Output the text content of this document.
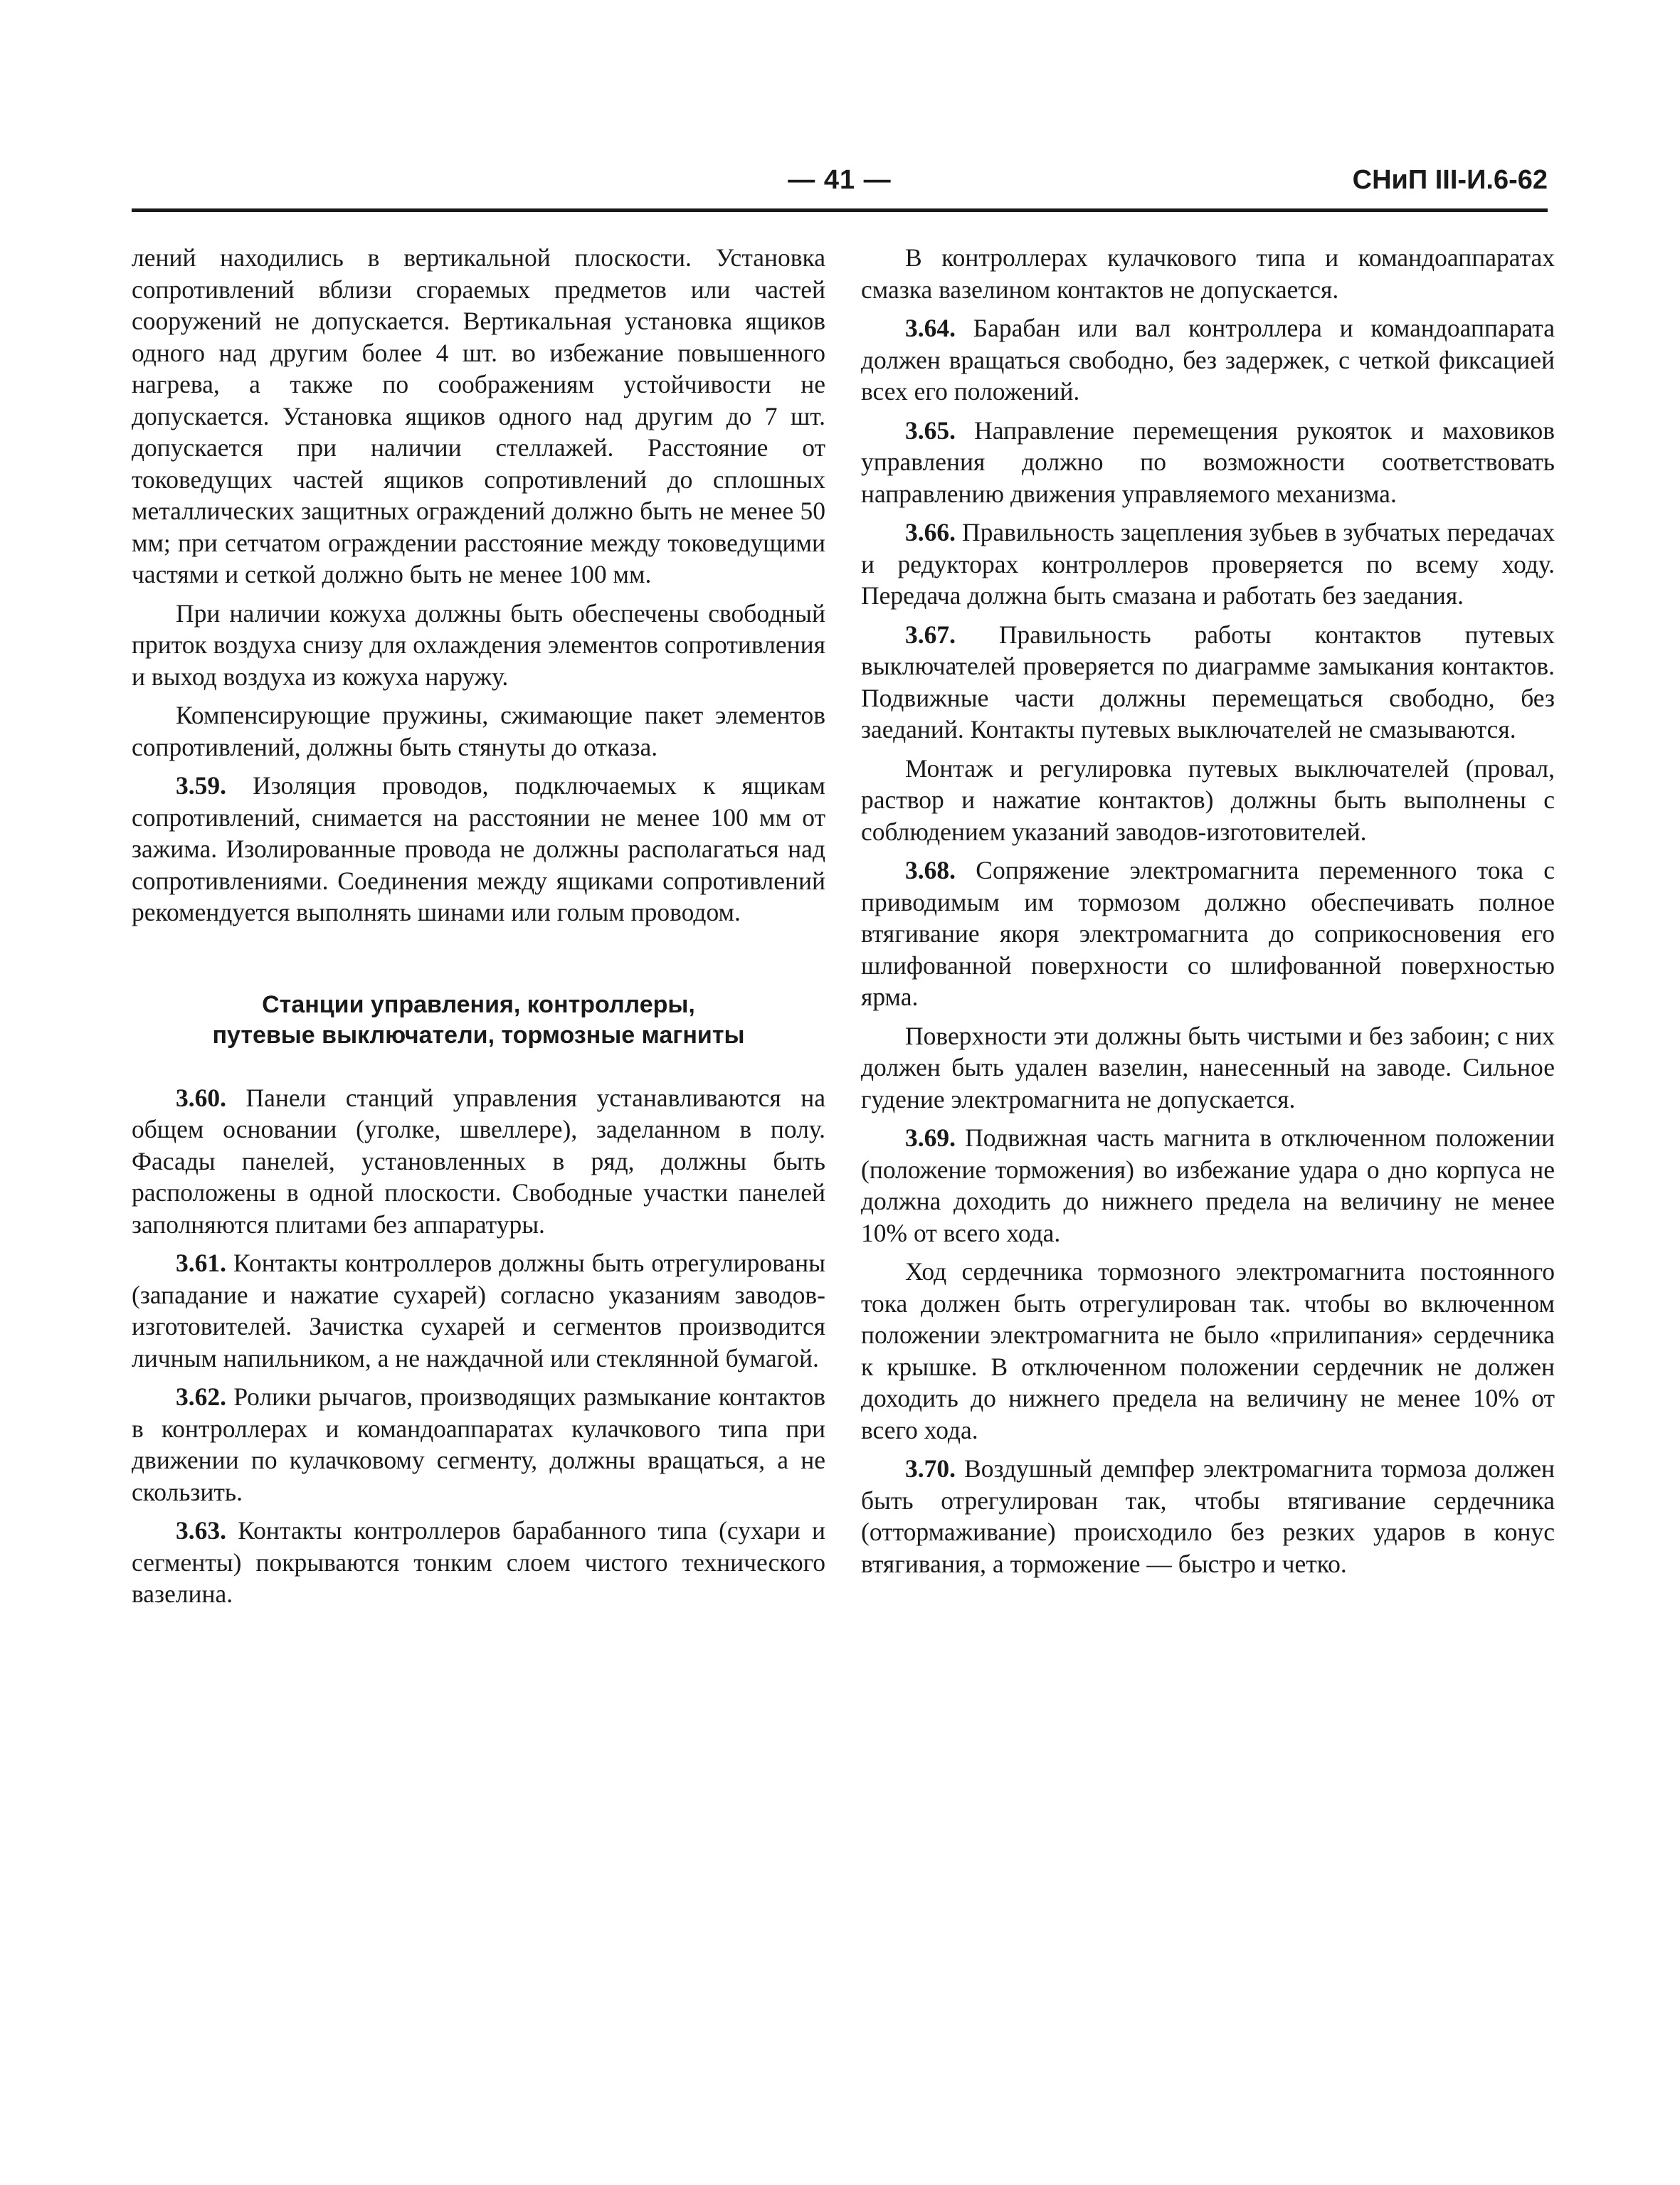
— 41 —	СНиП III-И.6-62

лений находились в вертикальной плоскости. Установка сопротивлений вблизи сгораемых предметов или частей сооружений не допускается. Вертикальная установка ящиков одного над другим более 4 шт. во избежание повышенного нагрева, а также по соображениям устойчивости не допускается. Установка ящиков одного над другим до 7 шт. допускается при наличии стеллажей. Расстояние от токоведущих частей ящиков сопротивлений до сплошных металлических защитных ограждений должно быть не менее 50 мм; при сетчатом ограждении расстояние между токоведущими частями и сеткой должно быть не менее 100 мм.

При наличии кожуха должны быть обеспечены свободный приток воздуха снизу для охлаждения элементов сопротивления и выход воздуха из кожуха наружу.

Компенсирующие пружины, сжимающие пакет элементов сопротивлений, должны быть стянуты до отказа.

3.59. Изоляция проводов, подключаемых к ящикам сопротивлений, снимается на расстоянии не менее 100 мм от зажима. Изолированные провода не должны располагаться над сопротивлениями. Соединения между ящиками сопротивлений рекомендуется выполнять шинами или голым проводом.

Станции управления, контроллеры,
путевые выключатели, тормозные магниты

3.60. Панели станций управления устанавливаются на общем основании (уголке, швеллере), заделанном в полу. Фасады панелей, установленных в ряд, должны быть расположены в одной плоскости. Свободные участки панелей заполняются плитами без аппаратуры.

3.61. Контакты контроллеров должны быть отрегулированы (западание и нажатие сухарей) согласно указаниям заводов-изготовителей. Зачистка сухарей и сегментов производится личным напильником, а не наждачной или стеклянной бумагой.

3.62. Ролики рычагов, производящих размыкание контактов в контроллерах и командоаппаратах кулачкового типа при движении по кулачковому сегменту, должны вращаться, а не скользить.

3.63. Контакты контроллеров барабанного типа (сухари и сегменты) покрываются тонким слоем чистого технического вазелина.

В контроллерах кулачкового типа и командоаппаратах смазка вазелином контактов не допускается.

3.64. Барабан или вал контроллера и командоаппарата должен вращаться свободно, без задержек, с четкой фиксацией всех его положений.

3.65. Направление перемещения рукояток и маховиков управления должно по возможности соответствовать направлению движения управляемого механизма.

3.66. Правильность зацепления зубьев в зубчатых передачах и редукторах контроллеров проверяется по всему ходу. Передача должна быть смазана и работать без заедания.

3.67. Правильность работы контактов путевых выключателей проверяется по диаграмме замыкания контактов. Подвижные части должны перемещаться свободно, без заеданий. Контакты путевых выключателей не смазываются.

Монтаж и регулировка путевых выключателей (провал, раствор и нажатие контактов) должны быть выполнены с соблюдением указаний заводов-изготовителей.

3.68. Сопряжение электромагнита переменного тока с приводимым им тормозом должно обеспечивать полное втягивание якоря электромагнита до соприкосновения его шлифованной поверхности со шлифованной поверхностью ярма.

Поверхности эти должны быть чистыми и без забоин; с них должен быть удален вазелин, нанесенный на заводе. Сильное гудение электромагнита не допускается.

3.69. Подвижная часть магнита в отключенном положении (положение торможения) во избежание удара о дно корпуса не должна доходить до нижнего предела на величину не менее 10% от всего хода.

Ход сердечника тормозного электромагнита постоянного тока должен быть отрегулирован так. чтобы во включенном положении электромагнита не было «прилипания» сердечника к крышке. В отключенном положении сердечник не должен доходить до нижнего предела на величину не менее 10% от всего хода.

3.70. Воздушный демпфер электромагнита тормоза должен быть отрегулирован так, чтобы втягивание сердечника (оттормаживание) происходило без резких ударов в конус втягивания, а торможение — быстро и четко.
